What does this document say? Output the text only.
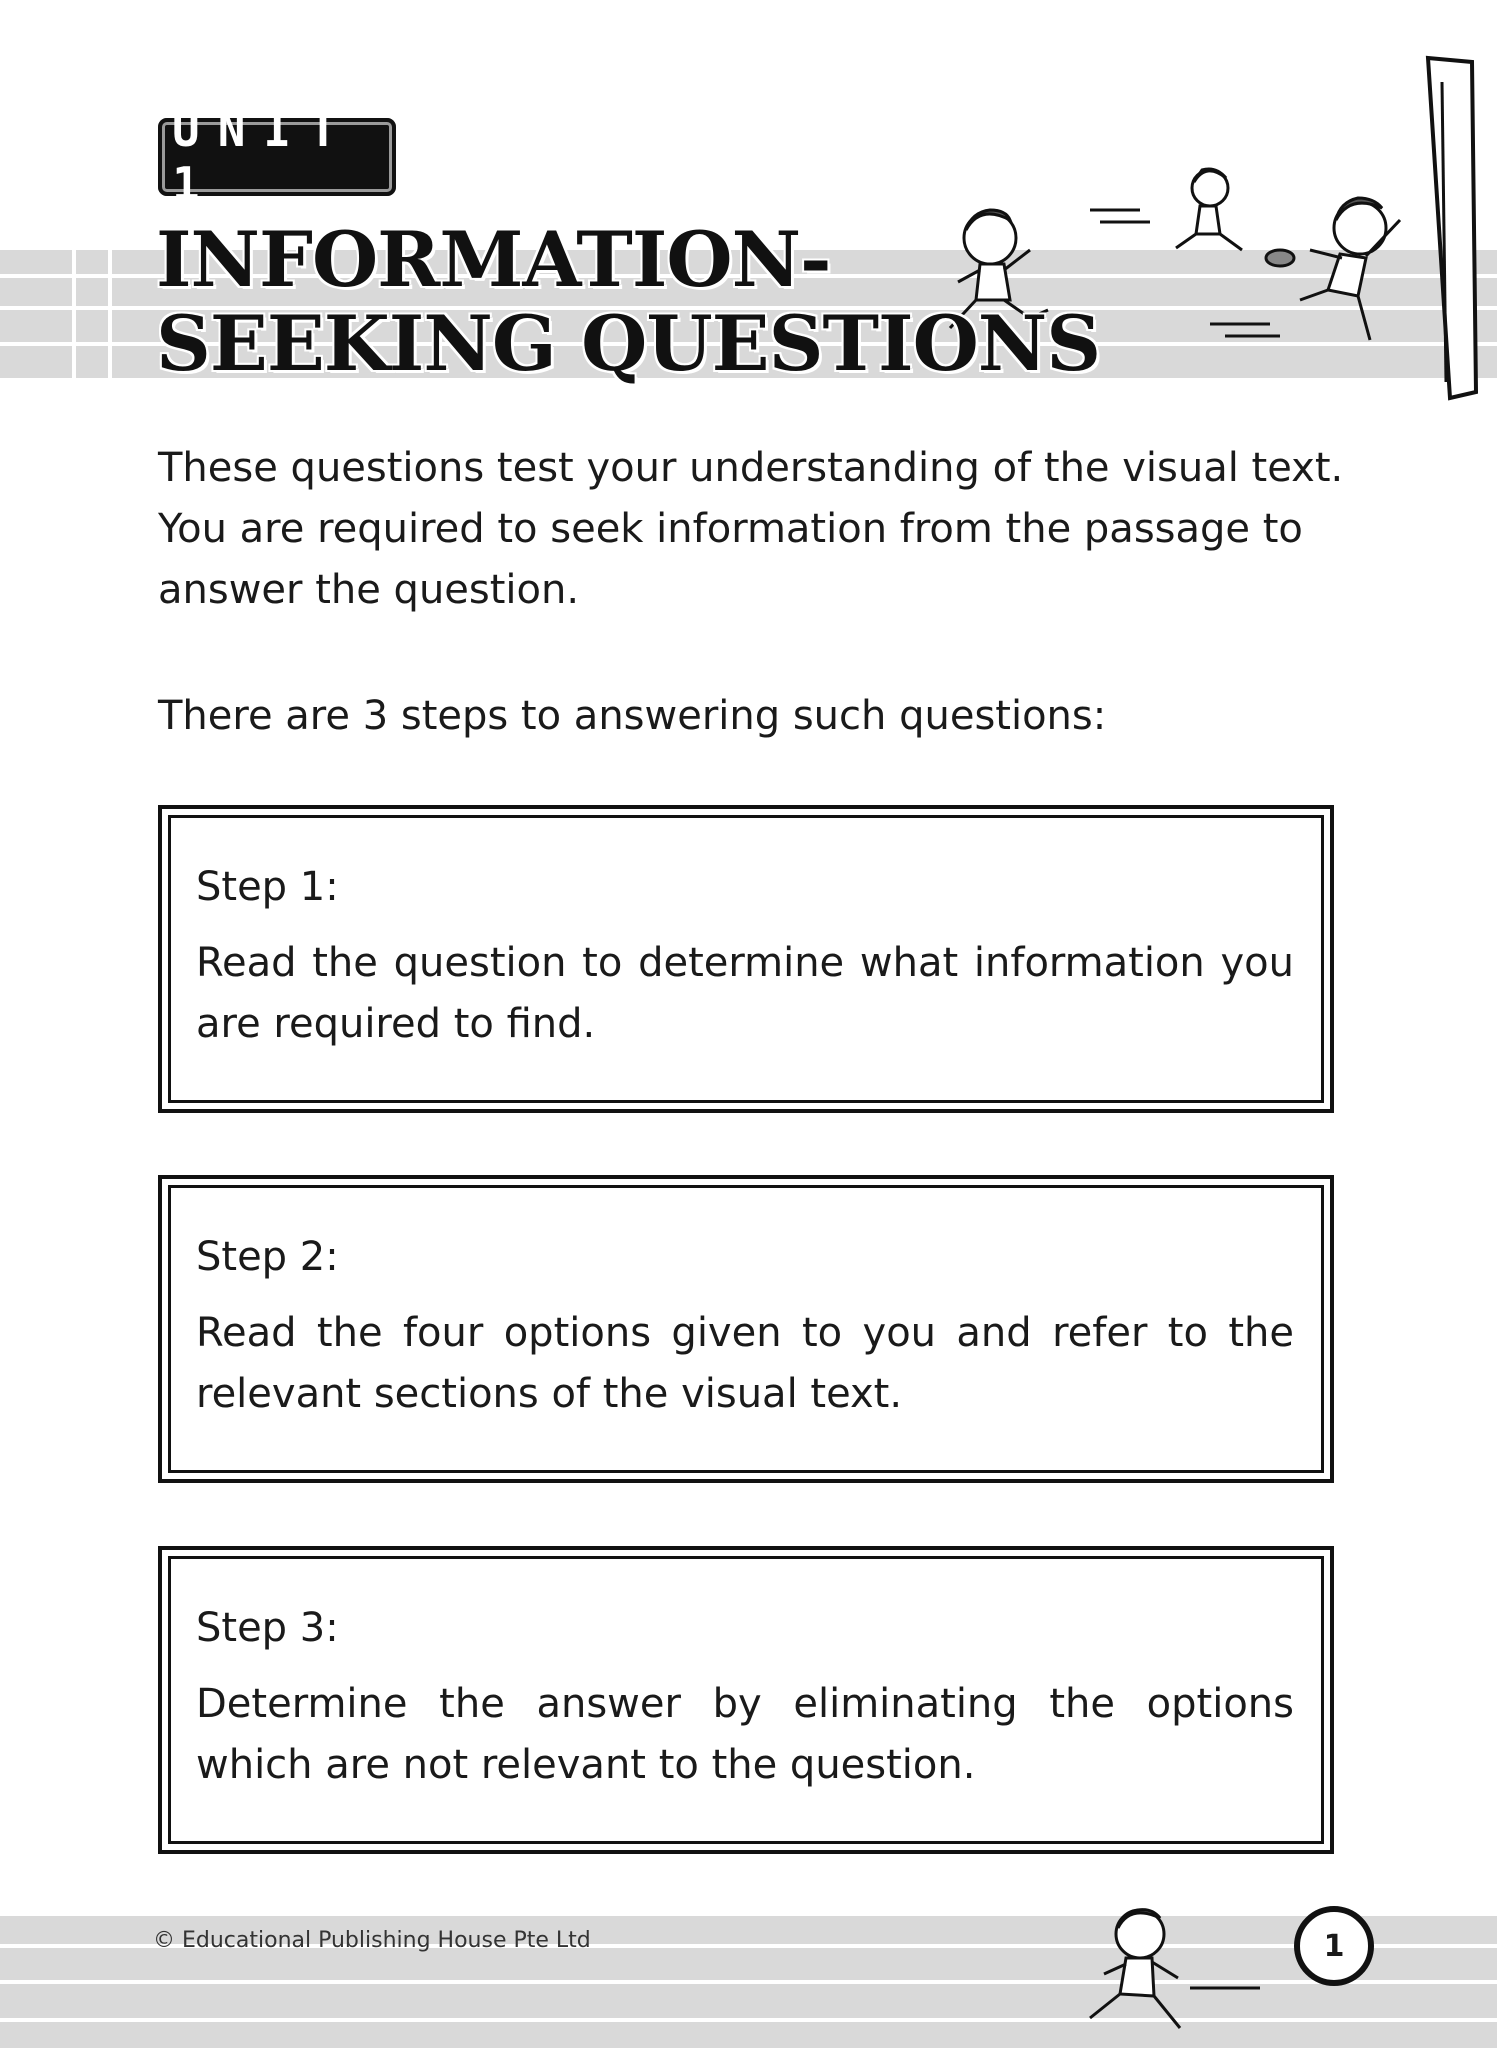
UNIT 1
INFORMATION-
SEEKING QUESTIONS

These questions test your understanding of the visual text. You are required to seek information from the passage to answer the question.

There are 3 steps to answering such questions:

Step 1:

Read the question to determine what information you are required to find.

Step 2:

Read the four options given to you and refer to the relevant sections of the visual text.

Step 3:

Determine the answer by eliminating the options which are not relevant to the question.

© Educational Publishing House Pte Ltd	1
